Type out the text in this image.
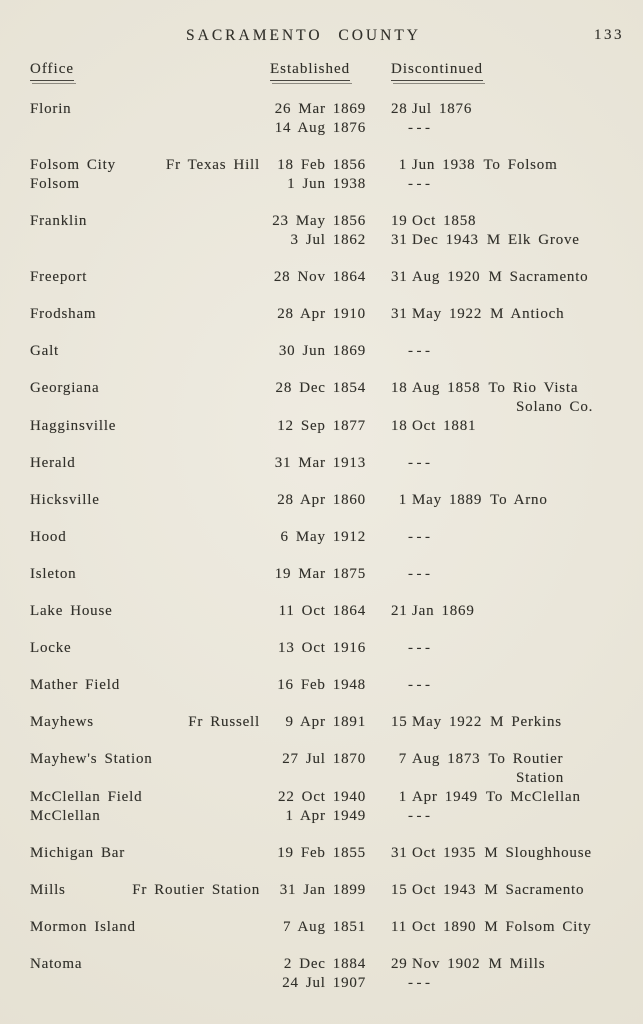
SACRAMENTO COUNTY	133
Office	Established	Discontinued
Florin	26 Mar 1869 28 Jul 1876
14 Aug 1876	---
Folsom City	Fr Texas Hill	18 Feb 1856	1 Jun 1938 To Folsom
Folsom	1 Jun 1938	---
Franklin	23 May 1856 19 Oct 1858
3 Jul 1862 31 Dec 1943 M Elk Grove
Freeport	28 Nov 1864 31 Aug 1920 M Sacramento
Frodsham	28 Apr 1910 31 May 1922 M Antioch
Galt	30 Jun 1869	---
Georgiana	28 Dec 1854 18 Aug 1858 To Rio Vista
Solano Co.
Hagginsville	12 Sep 1877 18 Oct 1881
Herald	31 Mar 1913	---
Hicksville	28 Apr 1860	1 May 1889 To Arno
Hood	6 May 1912	---
Isleton	19 Mar 1875	---
Lake House	11 Oct 1864 21 Jan 1869
Locke	13 Oct 1916	---
Mather Field	16 Feb 1948	---
Mayhews	Fr Russell	9 Apr 1891 15 May 1922 M Perkins
Mayhew's Station	27 Jul 1870	7 Aug 1873 To Routier
Station
McClellan Field	22 Oct 1940	1 Apr 1949 To McClellan
McClellan	1 Apr 1949	---
Michigan Bar	19 Feb 1855 31 Oct 1935 M Sloughhouse
Mills	Fr Routier Station	31 Jan 1899 15 Oct 1943 M Sacramento
Mormon Island	7 Aug 1851 11 Oct 1890 M Folsom City
Natoma	2 Dec 1884 29 Nov 1902 M Mills
24 Jul 1907	---
